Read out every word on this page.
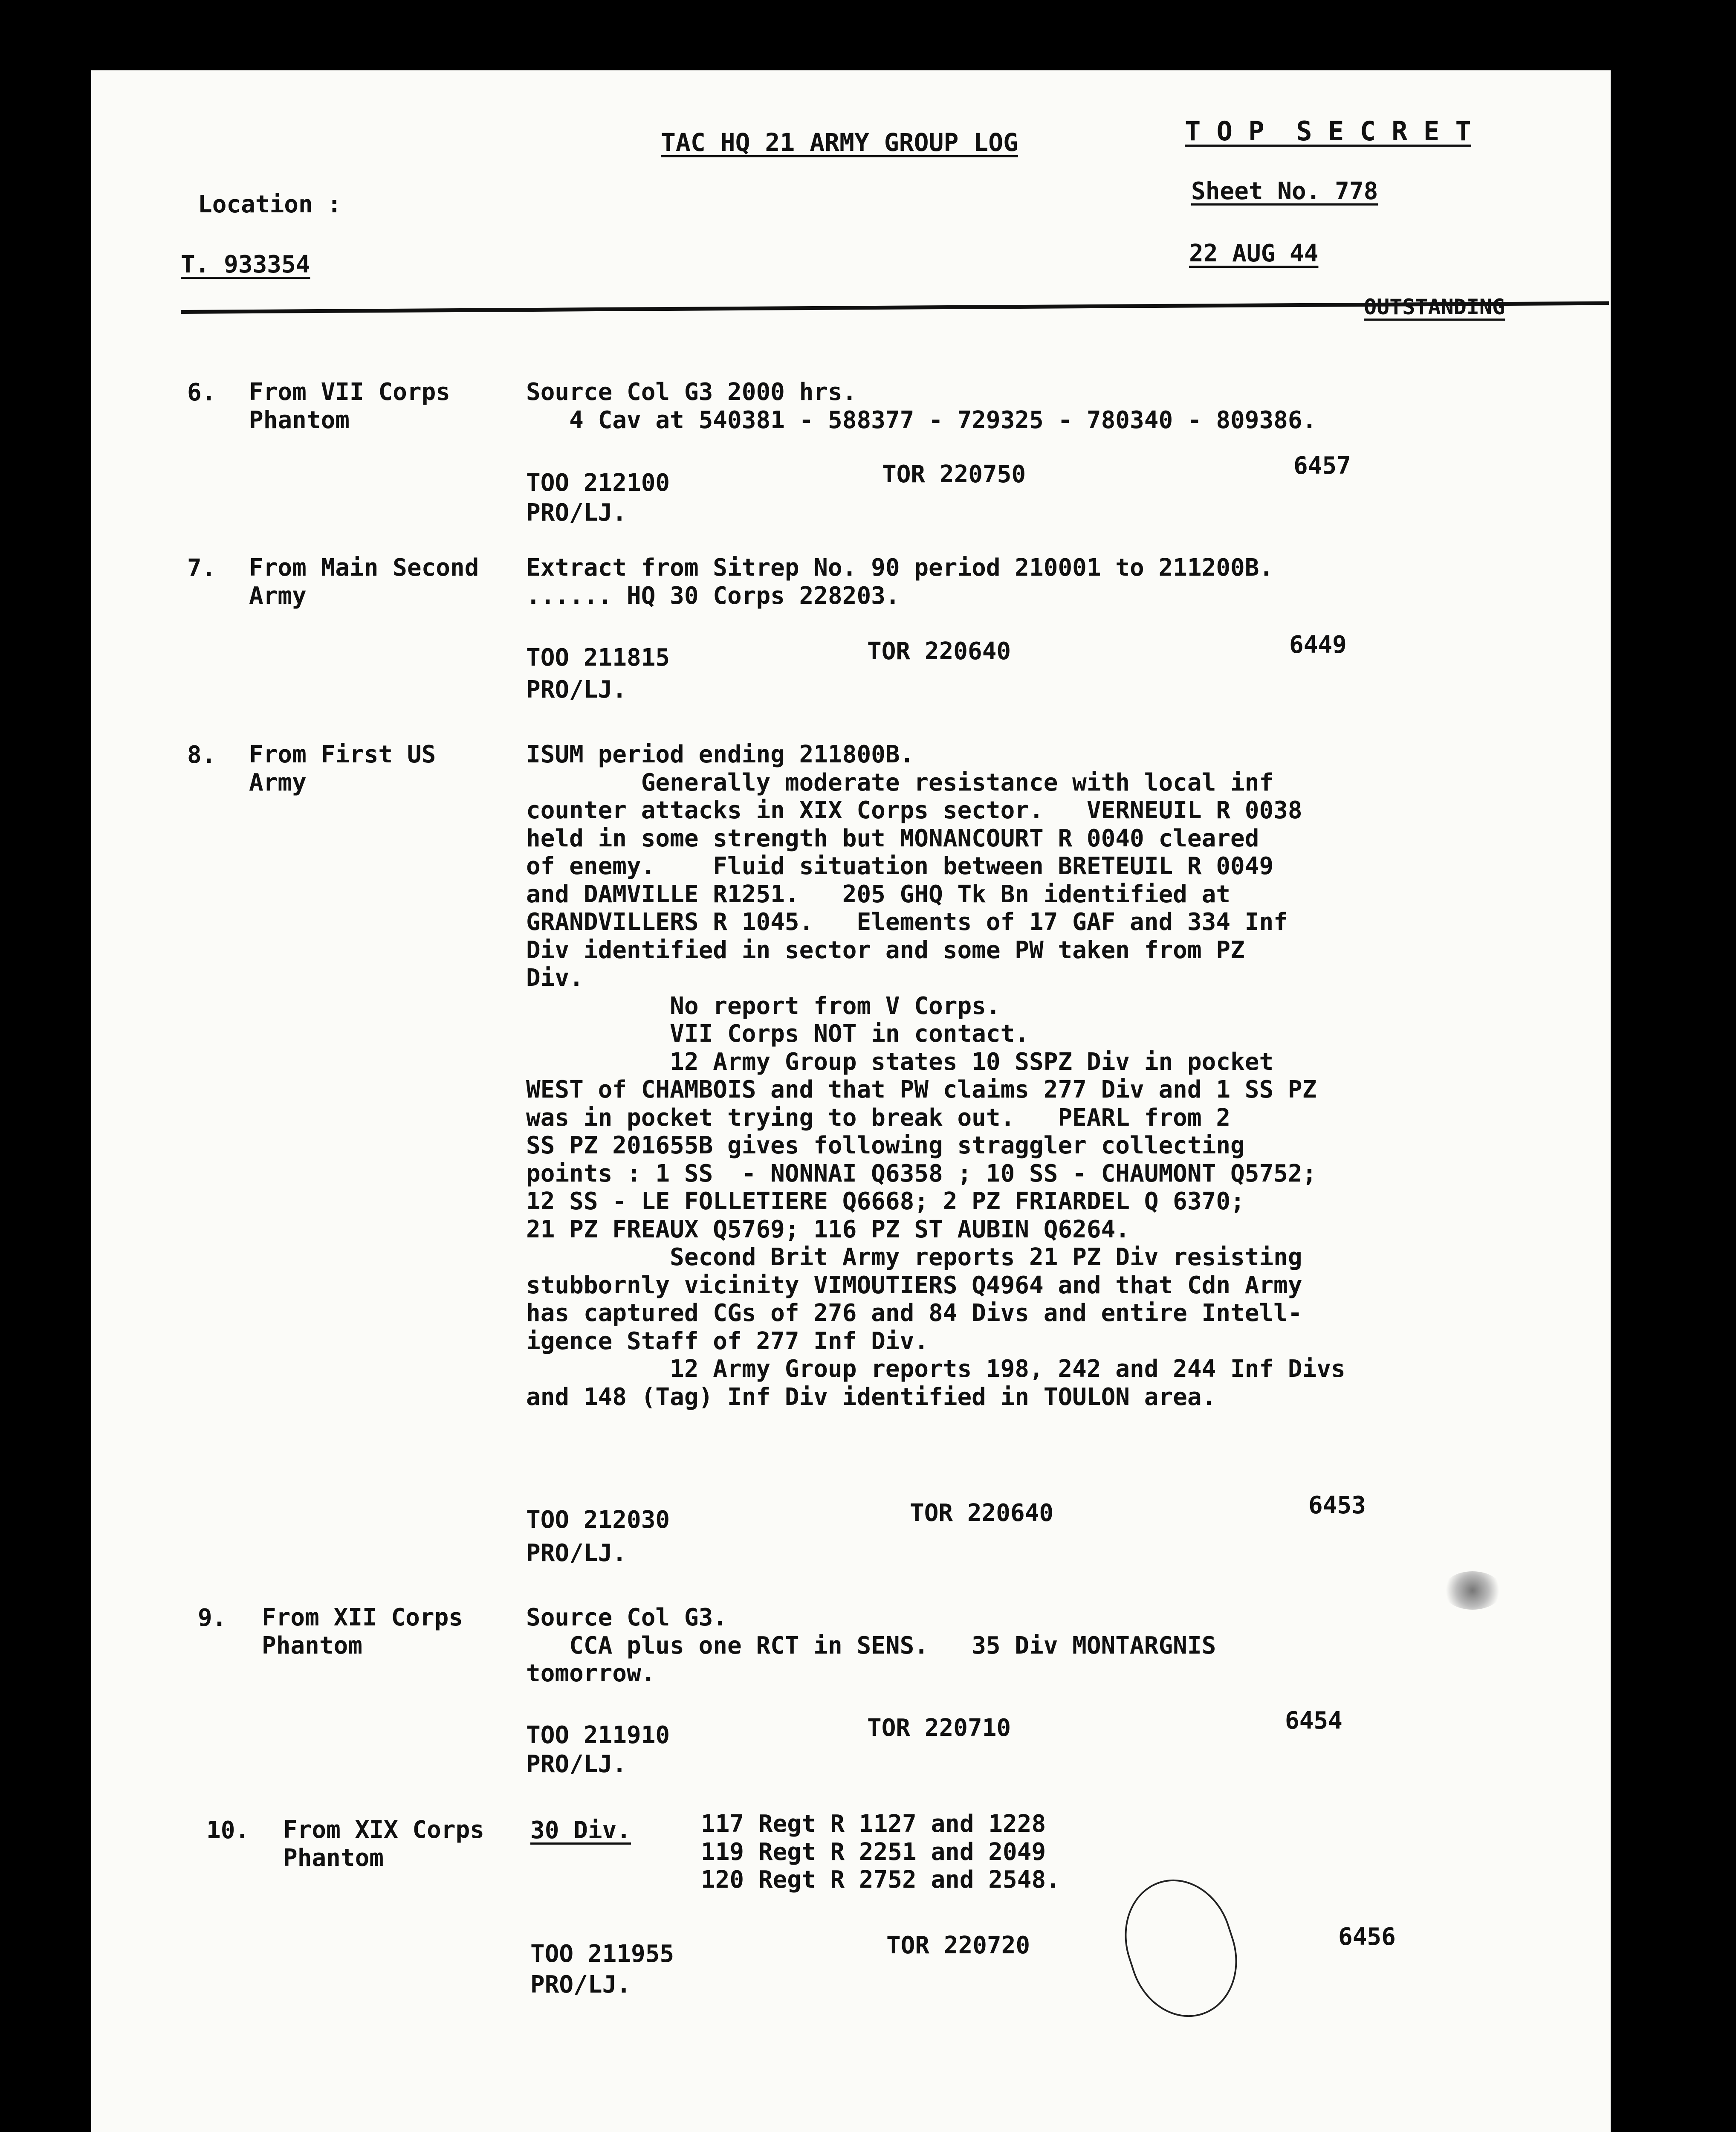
TAC HQ 21 ARMY GROUP LOG	T O P  S E C R E T
Location :
T. 933354
Sheet No. 778
22 AUG 44
OUTSTANDING
6. From VII Corps
Phantom
Source Col G3 2000 hrs.
4 Cav at 540381 - 588377 - 729325 - 780340 - 809386.
TOO 212100	TOR 220750	6457
PRO/LJ.
7. From Main Second
Army
Extract from Sitrep No. 90 period 210001 to 211200B.
...... HQ 30 Corps 228203.
TOO 211815	TOR 220640	6449
PRO/LJ.
8. From First US
Army
ISUM period ending 211800B.
Generally moderate resistance with local inf
counter attacks in XIX Corps sector.   VERNEUIL R 0038
held in some strength but MONANCOURT R 0040 cleared
of enemy.    Fluid situation between BRETEUIL R 0049
and DAMVILLE R1251.   205 GHQ Tk Bn identified at
GRANDVILLERS R 1045.   Elements of 17 GAF and 334 Inf
Div identified in sector and some PW taken from PZ
Div.
No report from V Corps.
VII Corps NOT in contact.
12 Army Group states 10 SSPZ Div in pocket
WEST of CHAMBOIS and that PW claims 277 Div and 1 SS PZ
was in pocket trying to break out.   PEARL from 2
SS PZ 201655B gives following straggler collecting
points : 1 SS  - NONNAI Q6358 ; 10 SS - CHAUMONT Q5752;
12 SS - LE FOLLETIERE Q6668; 2 PZ FRIARDEL Q 6370;
21 PZ FREAUX Q5769; 116 PZ ST AUBIN Q6264.
Second Brit Army reports 21 PZ Div resisting
stubbornly vicinity VIMOUTIERS Q4964 and that Cdn Army
has captured CGs of 276 and 84 Divs and entire Intell-
igence Staff of 277 Inf Div.
12 Army Group reports 198, 242 and 244 Inf Divs
and 148 (Tag) Inf Div identified in TOULON area.
TOO 212030	TOR 220640	6453
PRO/LJ.
9. From XII Corps
Phantom
Source Col G3.
CCA plus one RCT in SENS.   35 Div MONTARGNIS
tomorrow.
TOO 211910	TOR 220710	6454
PRO/LJ.
10. From XIX Corps
Phantom
30 Div.	117 Regt R 1127 and 1228
119 Regt R 2251 and 2049
120 Regt R 2752 and 2548.
TOO 211955	TOR 220720	6456
PRO/LJ.
